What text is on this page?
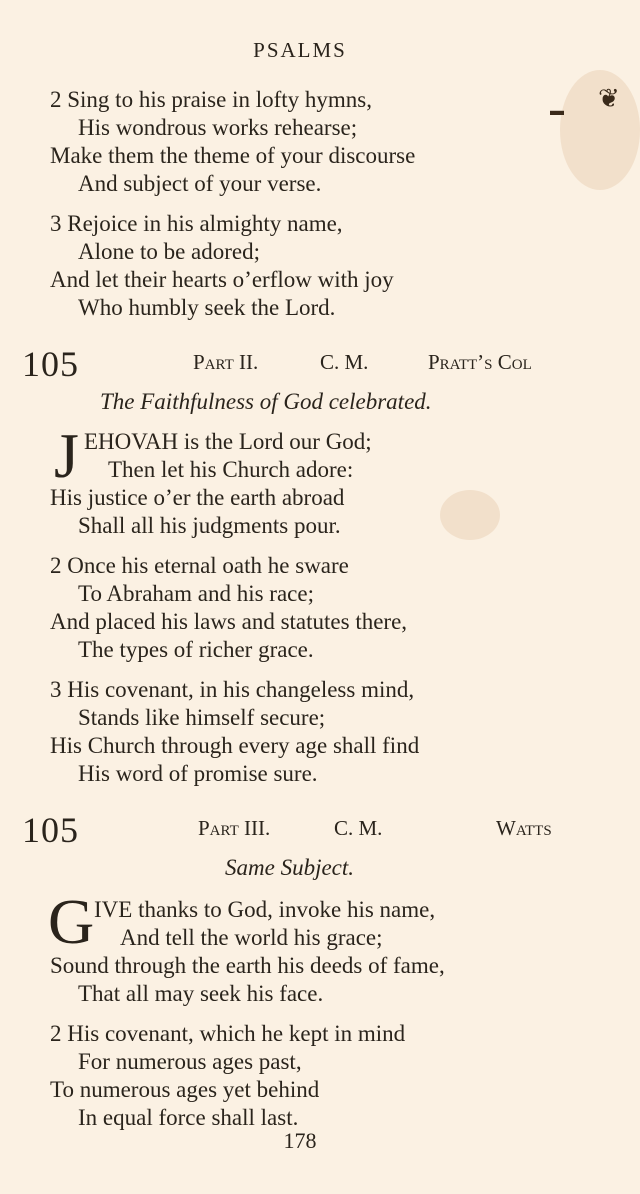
❦
▬
PSALMS
2 Sing to his praise in lofty hymns,
His wondrous works rehearse;
Make them the theme of your discourse
And subject of your verse.
3 Rejoice in his almighty name,
Alone to be adored;
And let their hearts o’erflow with joy
Who humbly seek the Lord.
105	Part II.	C. M.	Pratt’s Col
The Faithfulness of God celebrated.
J EHOVAH is the Lord our God;
Then let his Church adore:
His justice o’er the earth abroad
Shall all his judgments pour.
2 Once his eternal oath he sware
To Abraham and his race;
And placed his laws and statutes there,
The types of richer grace.
3 His covenant, in his changeless mind,
Stands like himself secure;
His Church through every age shall find
His word of promise sure.
105	Part III.	C. M.	Watts
Same Subject.
G IVE thanks to God, invoke his name,
And tell the world his grace;
Sound through the earth his deeds of fame,
That all may seek his face.
2 His covenant, which he kept in mind
For numerous ages past,
To numerous ages yet behind
In equal force shall last.
178
